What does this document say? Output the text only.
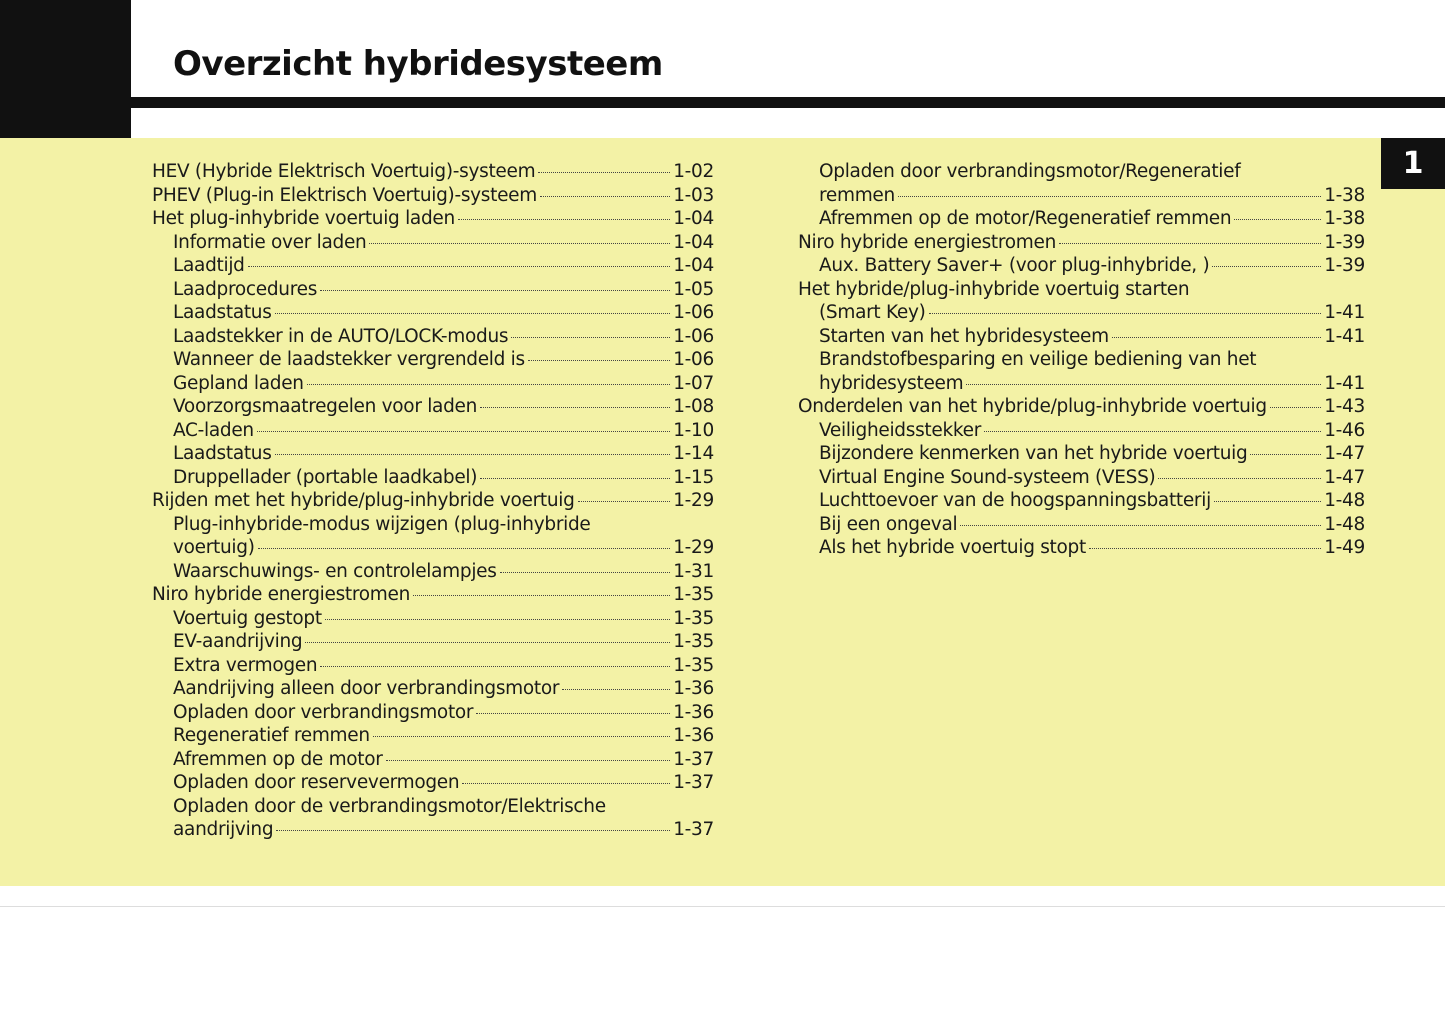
Overzicht hybridesysteem
1
HEV (Hybride Elektrisch Voertuig)-systeem	1-02
PHEV (Plug-in Elektrisch Voertuig)-systeem	1-03
Het plug-inhybride voertuig laden	1-04
Informatie over laden	1-04
Laadtijd	1-04
Laadprocedures	1-05
Laadstatus	1-06
Laadstekker in de AUTO/LOCK-modus	1-06
Wanneer de laadstekker vergrendeld is	1-06
Gepland laden	1-07
Voorzorgsmaatregelen voor laden	1-08
AC-laden	1-10
Laadstatus	1-14
Druppellader (portable laadkabel)	1-15
Rijden met het hybride/plug-inhybride voertuig	1-29
Plug-inhybride-modus wijzigen (plug-inhybride
voertuig)	1-29
Waarschuwings- en controlelampjes	1-31
Niro hybride energiestromen	1-35
Voertuig gestopt	1-35
EV-aandrijving	1-35
Extra vermogen	1-35
Aandrijving alleen door verbrandingsmotor	1-36
Opladen door verbrandingsmotor	1-36
Regeneratief remmen	1-36
Afremmen op de motor	1-37
Opladen door reservevermogen	1-37
Opladen door de verbrandingsmotor/Elektrische
aandrijving	1-37
Opladen door verbrandingsmotor/Regeneratief
remmen	1-38
Afremmen op de motor/Regeneratief remmen	1-38
Niro hybride energiestromen	1-39
Aux. Battery Saver+ (voor plug-inhybride, )	1-39
Het hybride/plug-inhybride voertuig starten
(Smart Key)	1-41
Starten van het hybridesysteem	1-41
Brandstofbesparing en veilige bediening van het
hybridesysteem	1-41
Onderdelen van het hybride/plug-inhybride voertuig	1-43
Veiligheidsstekker	1-46
Bijzondere kenmerken van het hybride voertuig	1-47
Virtual Engine Sound-systeem (VESS)	1-47
Luchttoevoer van de hoogspanningsbatterij	1-48
Bij een ongeval	1-48
Als het hybride voertuig stopt	1-49
